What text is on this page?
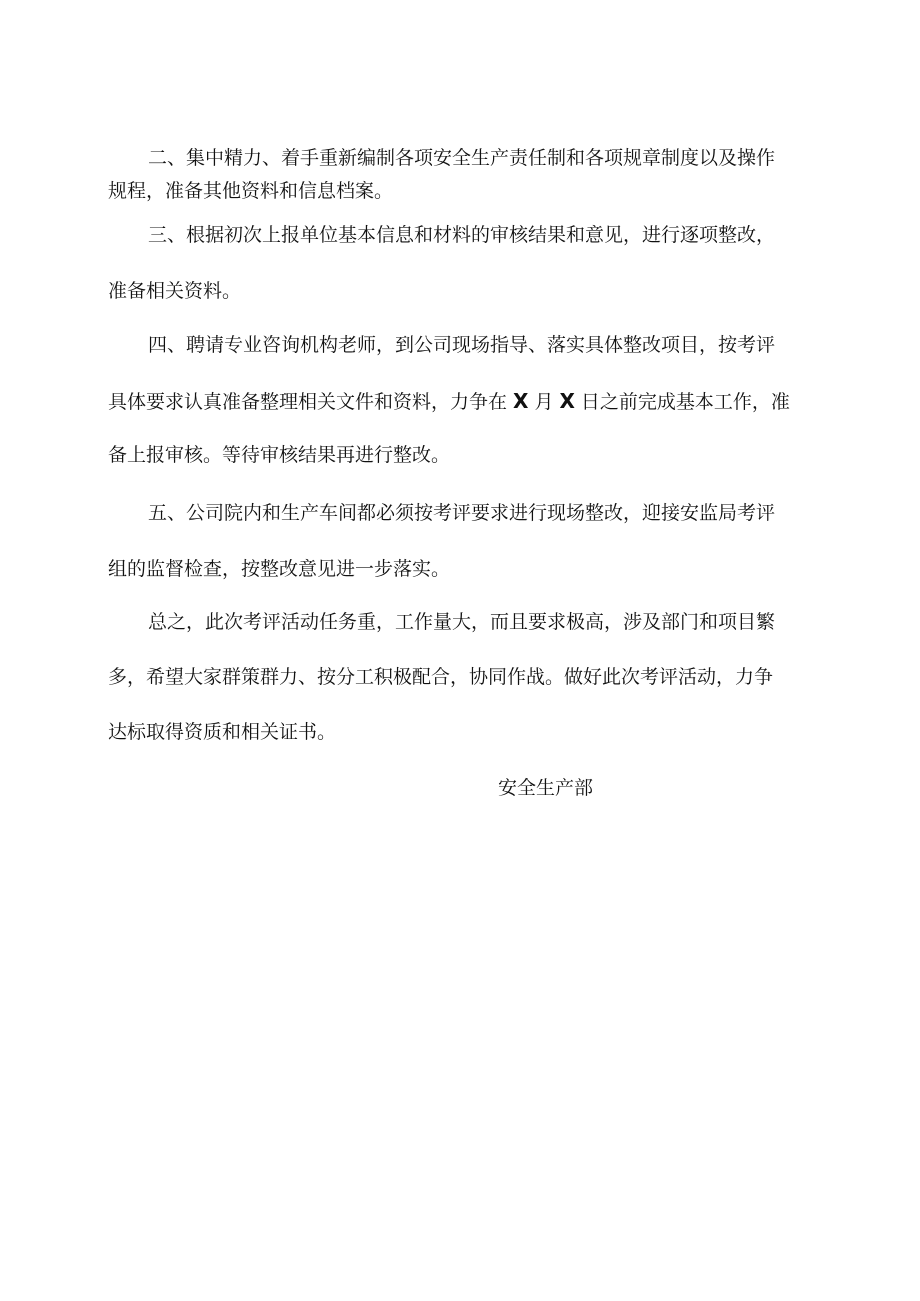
二、集中精力、着手重新编制各项安全生产责任制和各项规章制度以及操作
规程，准备其他资料和信息档案。
三、根据初次上报单位基本信息和材料的审核结果和意见，进行逐项整改，
准备相关资料。
四、聘请专业咨询机构老师，到公司现场指导、落实具体整改项目，按考评
具体要求认真准备整理相关文件和资料，力争在 X 月 X 日之前完成基本工作，准
备上报审核。等待审核结果再进行整改。
五、公司院内和生产车间都必须按考评要求进行现场整改，迎接安监局考评
组的监督检查，按整改意见进一步落实。
总之，此次考评活动任务重，工作量大，而且要求极高，涉及部门和项目繁
多，希望大家群策群力、按分工积极配合，协同作战。做好此次考评活动，力争
达标取得资质和相关证书。
安全生产部
